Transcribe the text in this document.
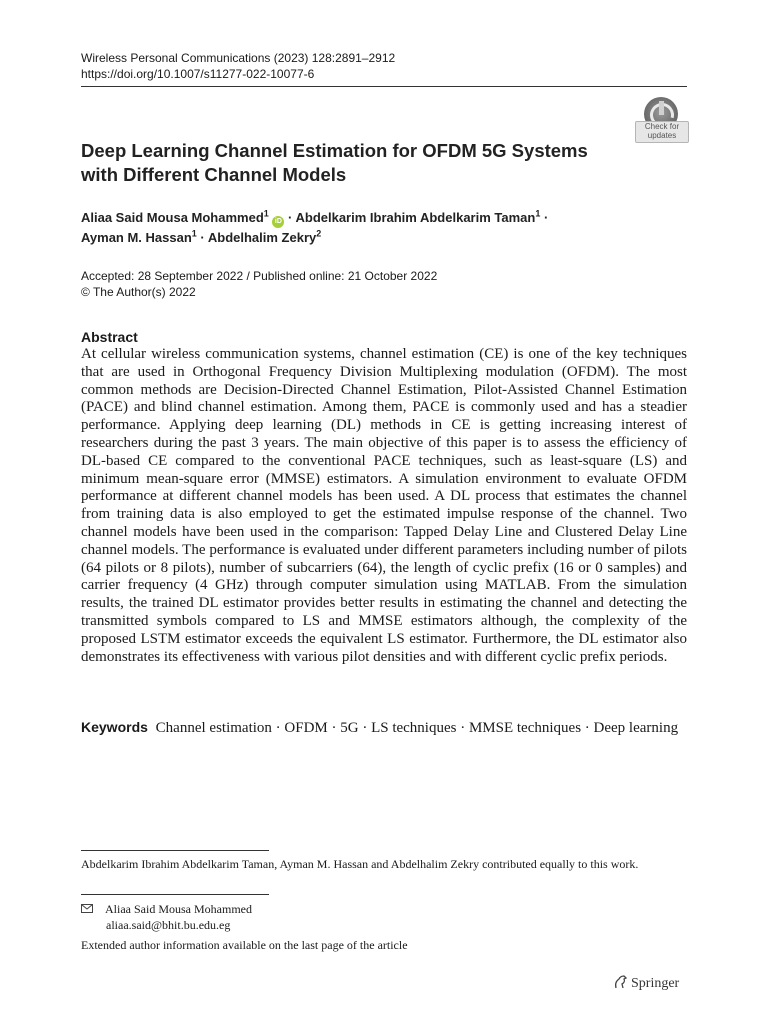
Wireless Personal Communications (2023) 128:2891–2912
https://doi.org/10.1007/s11277-022-10077-6
Check for
updates
Deep Learning Channel Estimation for OFDM 5G Systems
with Different Channel Models
Aliaa Said Mousa Mohammed$^1$ iD · Abdelkarim Ibrahim Abdelkarim Taman$^1$ ·
Ayman M. Hassan$^1$ · Abdelhalim Zekry$^2$
Accepted: 28 September 2022 / Published online: 21 October 2022
© The Author(s) 2022
Abstract
At cellular wireless communication systems, channel estimation (CE) is one of the key techniques that are used in Orthogonal Frequency Division Multiplexing modulation (OFDM). The most common methods are Decision-Directed Channel Estimation, Pilot-Assisted Channel Estimation (PACE) and blind channel estimation. Among them, PACE is commonly used and has a steadier performance. Applying deep learning (DL) methods in CE is getting increasing interest of researchers during the past 3 years. The main objective of this paper is to assess the efficiency of DL-based CE compared to the conventional PACE techniques, such as least-square (LS) and minimum mean-square error (MMSE) estimators. A simulation environment to evaluate OFDM performance at different channel models has been used. A DL process that estimates the channel from training data is also employed to get the estimated impulse response of the channel. Two channel models have been used in the comparison: Tapped Delay Line and Clustered Delay Line channel models. The performance is evaluated under different parameters including number of pilots (64 pilots or 8 pilots), number of subcarriers (64), the length of cyclic prefix (16 or 0 samples) and carrier frequency (4 GHz) through computer simulation using MATLAB. From the simulation results, the trained DL estimator provides better results in estimating the channel and detecting the transmitted symbols compared to LS and MMSE estimators although, the complexity of the proposed LSTM estimator exceeds the equivalent LS estimator. Furthermore, the DL estimator also demonstrates its effectiveness with various pilot densities and with different cyclic prefix periods.
Keywords Channel estimation · OFDM · 5G · LS techniques · MMSE techniques · Deep learning
Abdelkarim Ibrahim Abdelkarim Taman, Ayman M. Hassan and Abdelhalim Zekry contributed equally to this work.
Aliaa Said Mousa Mohammed
aliaa.said@bhit.bu.edu.eg
Extended author information available on the last page of the article
Springer
